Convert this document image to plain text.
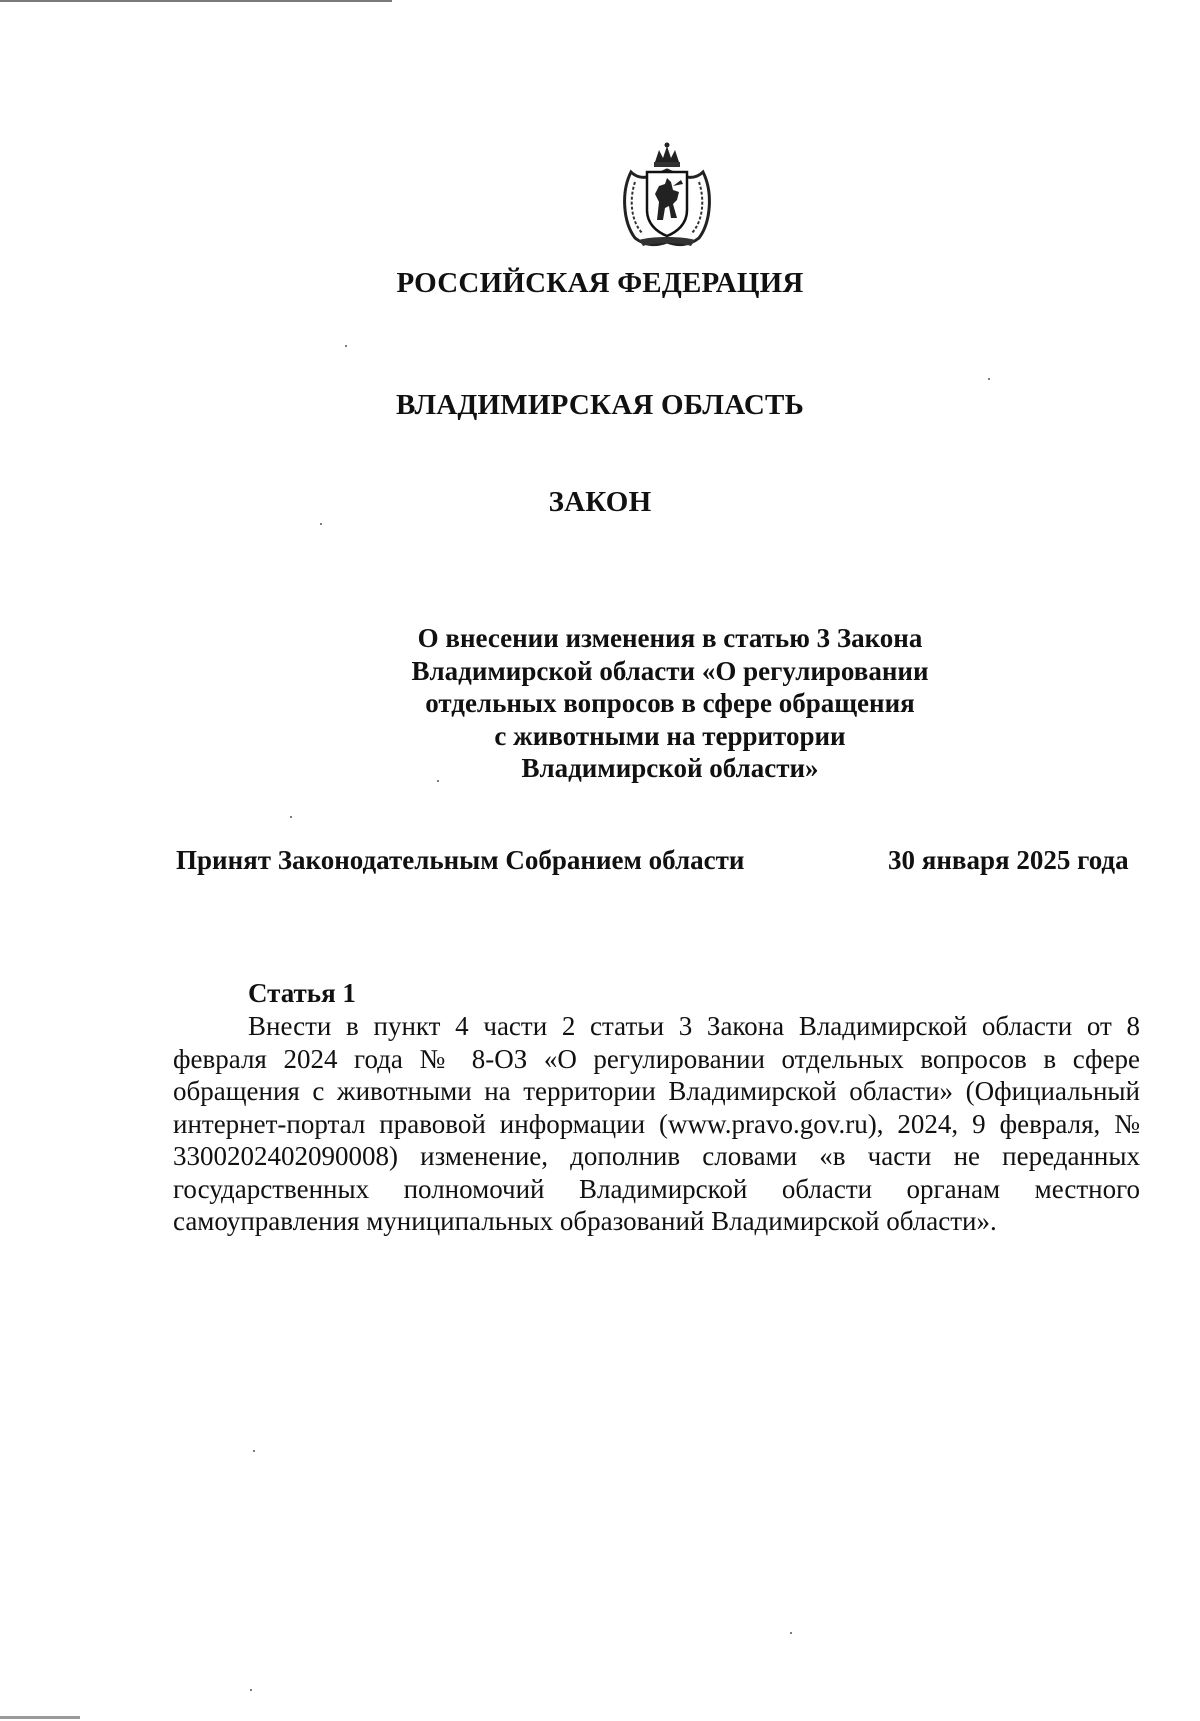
РОССИЙСКАЯ ФЕДЕРАЦИЯ
ВЛАДИМИРСКАЯ ОБЛАСТЬ
ЗАКОН
О внесении изменения в статью 3 Закона
Владимирской области «О регулировании
отдельных вопросов в сфере обращения
с животными на территории
Владимирской области»
Принят Законодательным Собранием области	30 января 2025 года
Статья 1
Внести в пункт 4 части 2 статьи 3 Закона Владимирской области от 8 февраля 2024 года № 8-ОЗ «О регулировании отдельных вопросов в сфере обращения с животными на территории Владимирской области» (Официальный интернет-портал правовой информации (www.pravo.gov.ru), 2024, 9 февраля, № 3300202402090008) изменение, дополнив словами «в части не переданных государственных полномочий Владимирской области органам местного самоуправления муниципальных образований Владимирской области».
